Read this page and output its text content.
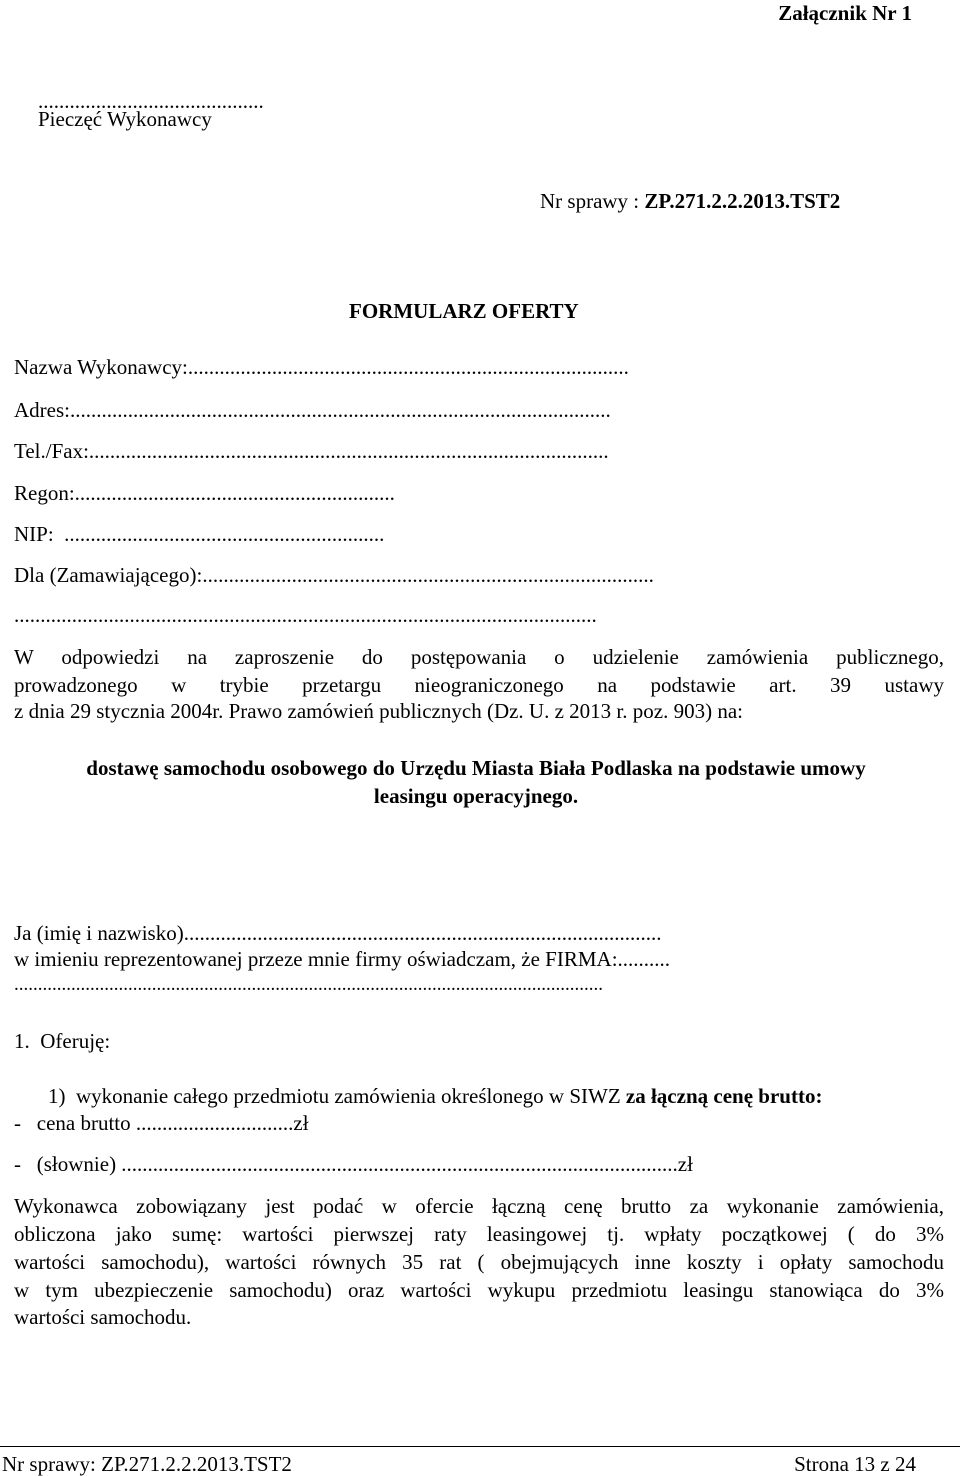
Załącznik Nr 1
...........................................
Pieczęć Wykonawcy
Nr sprawy : ZP.271.2.2.2013.TST2
FORMULARZ OFERTY
Nazwa Wykonawcy:....................................................................................
Adres:.......................................................................................................
Tel./Fax:...................................................................................................
Regon:.............................................................
NIP:  .............................................................
Dla (Zamawiającego):......................................................................................
...............................................................................................................
W odpowiedzi na zaproszenie do postępowania o udzielenie zamówienia publicznego,
prowadzonego w trybie przetargu nieograniczonego na podstawie art. 39 ustawy
z dnia 29 stycznia 2004r. Prawo zamówień publicznych (Dz. U. z 2013 r. poz. 903) na:
dostawę samochodu osobowego do Urzędu Miasta Biała Podlaska na podstawie umowy
leasingu operacyjnego.
Ja (imię i nazwisko)...........................................................................................
w imieniu reprezentowanej przeze mnie firmy oświadczam, że FIRMA:..........
............................................................................................................................
1.  Oferuję:
1)  wykonanie całego przedmiotu zamówienia określonego w SIWZ za łączną cenę brutto:
-   cena brutto ..............................zł
-   (słownie) ..........................................................................................................zł
Wykonawca zobowiązany jest podać w ofercie łączną cenę brutto za wykonanie zamówienia,
obliczona jako sumę: wartości pierwszej raty leasingowej tj. wpłaty początkowej ( do 3%
wartości samochodu), wartości równych 35 rat ( obejmujących inne koszty i opłaty samochodu
w tym ubezpieczenie samochodu) oraz wartości wykupu przedmiotu leasingu stanowiąca do 3%
wartości samochodu.
Nr sprawy: ZP.271.2.2.2013.TST2	Strona 13 z 24
